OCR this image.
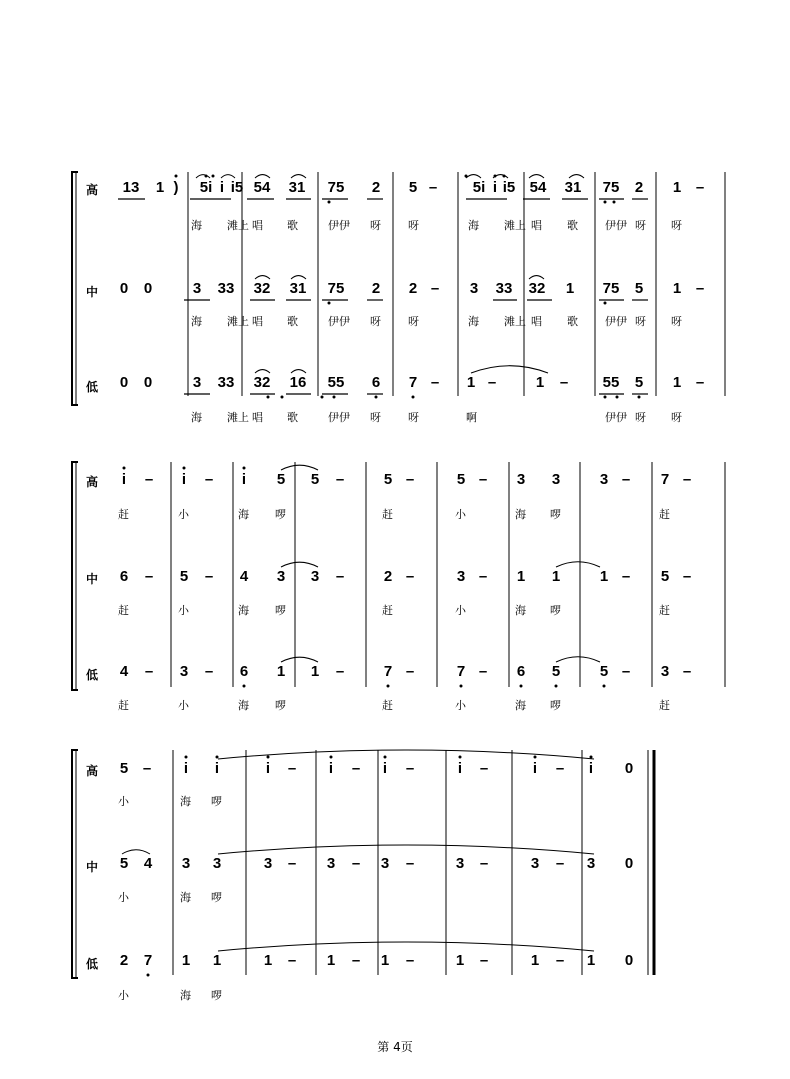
高 13 1 ) 5i i i5 54 31 75 2 5 – 5i i i5 54 31 75 2 1 –
海 滩上 唱 歌	伊伊 呀 呀	海 滩上 唱 歌 伊伊 呀 呀
中 0 0	3 33 32 31 75 2 2 – 3 33 32 1 75 5 1 –
海 滩上 唱 歌	伊伊 呀 呀	海 滩上 唱 歌 伊伊 呀 呀
低 0 0	3 33 32 16 55 6 7 – 1 –	1 – 55 5 1 –
海 滩上 唱 歌	伊伊 呀 呀	啊	伊伊 呀 呀
高 i – i – i 5 5 –	5 –	5 – 3 3	3 – 7 –
赶	小	海 啰	赶	小	海 啰	赶
中 6 – 5 – 4 3 3 –	2 –	3 – 1 1	1 – 5 –
赶	小	海 啰	赶	小	海 啰	赶
低 4 – 3 – 6 1 1 –	7 –	7 – 6 5	5 – 3 –
赶	小	海 啰	赶	小	海 啰	赶
高 5 – i i	i – i – i –	i –	i – i 0
小	海 啰
中 5 4 3 3	3 – 3 – 3 –	3 –	3 – 3 0
小	海 啰
低 2 7 1 1	1 – 1 – 1 –	1 –	1 – 1 0
小	海 啰
第 4页
